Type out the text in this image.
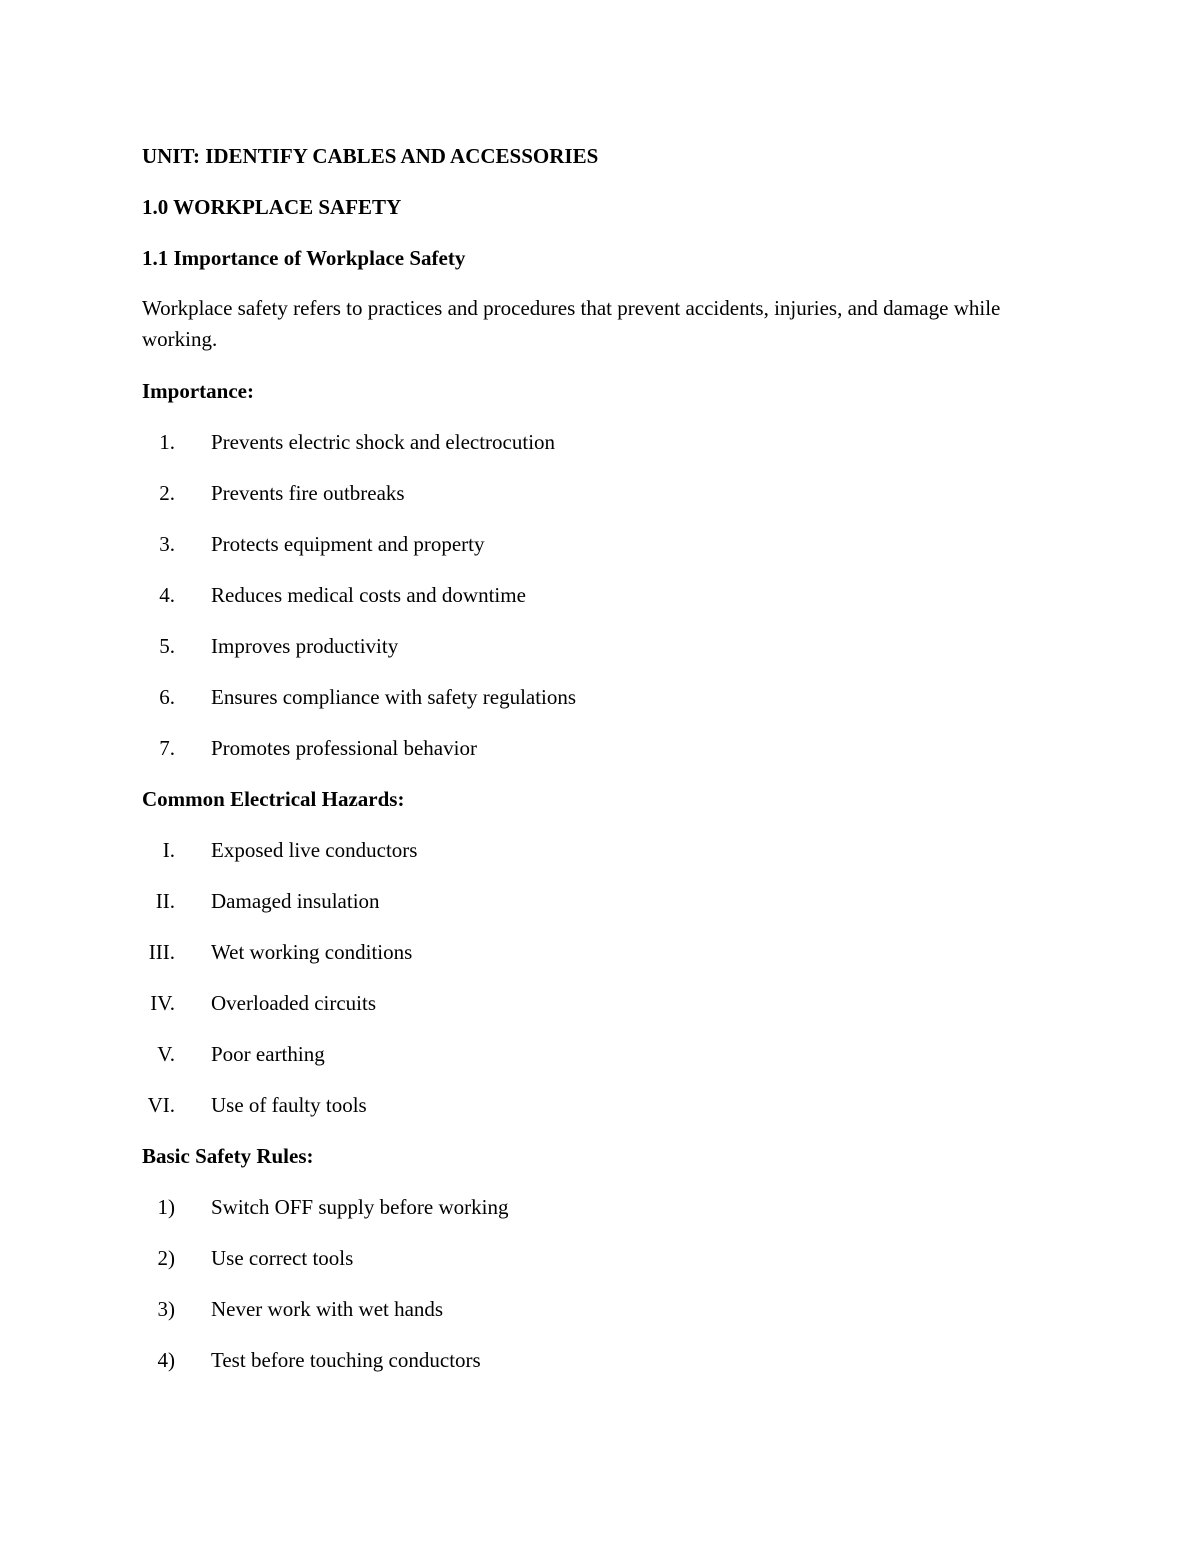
UNIT: IDENTIFY CABLES AND ACCESSORIES
1.0 WORKPLACE SAFETY
1.1 Importance of Workplace Safety
Workplace safety refers to practices and procedures that prevent accidents, injuries, and damage while working.
Importance:
1. Prevents electric shock and electrocution
2. Prevents fire outbreaks
3. Protects equipment and property
4. Reduces medical costs and downtime
5. Improves productivity
6. Ensures compliance with safety regulations
7. Promotes professional behavior
Common Electrical Hazards:
I. Exposed live conductors
II. Damaged insulation
III. Wet working conditions
IV. Overloaded circuits
V. Poor earthing
VI. Use of faulty tools
Basic Safety Rules:
1) Switch OFF supply before working
2) Use correct tools
3) Never work with wet hands
4) Test before touching conductors
